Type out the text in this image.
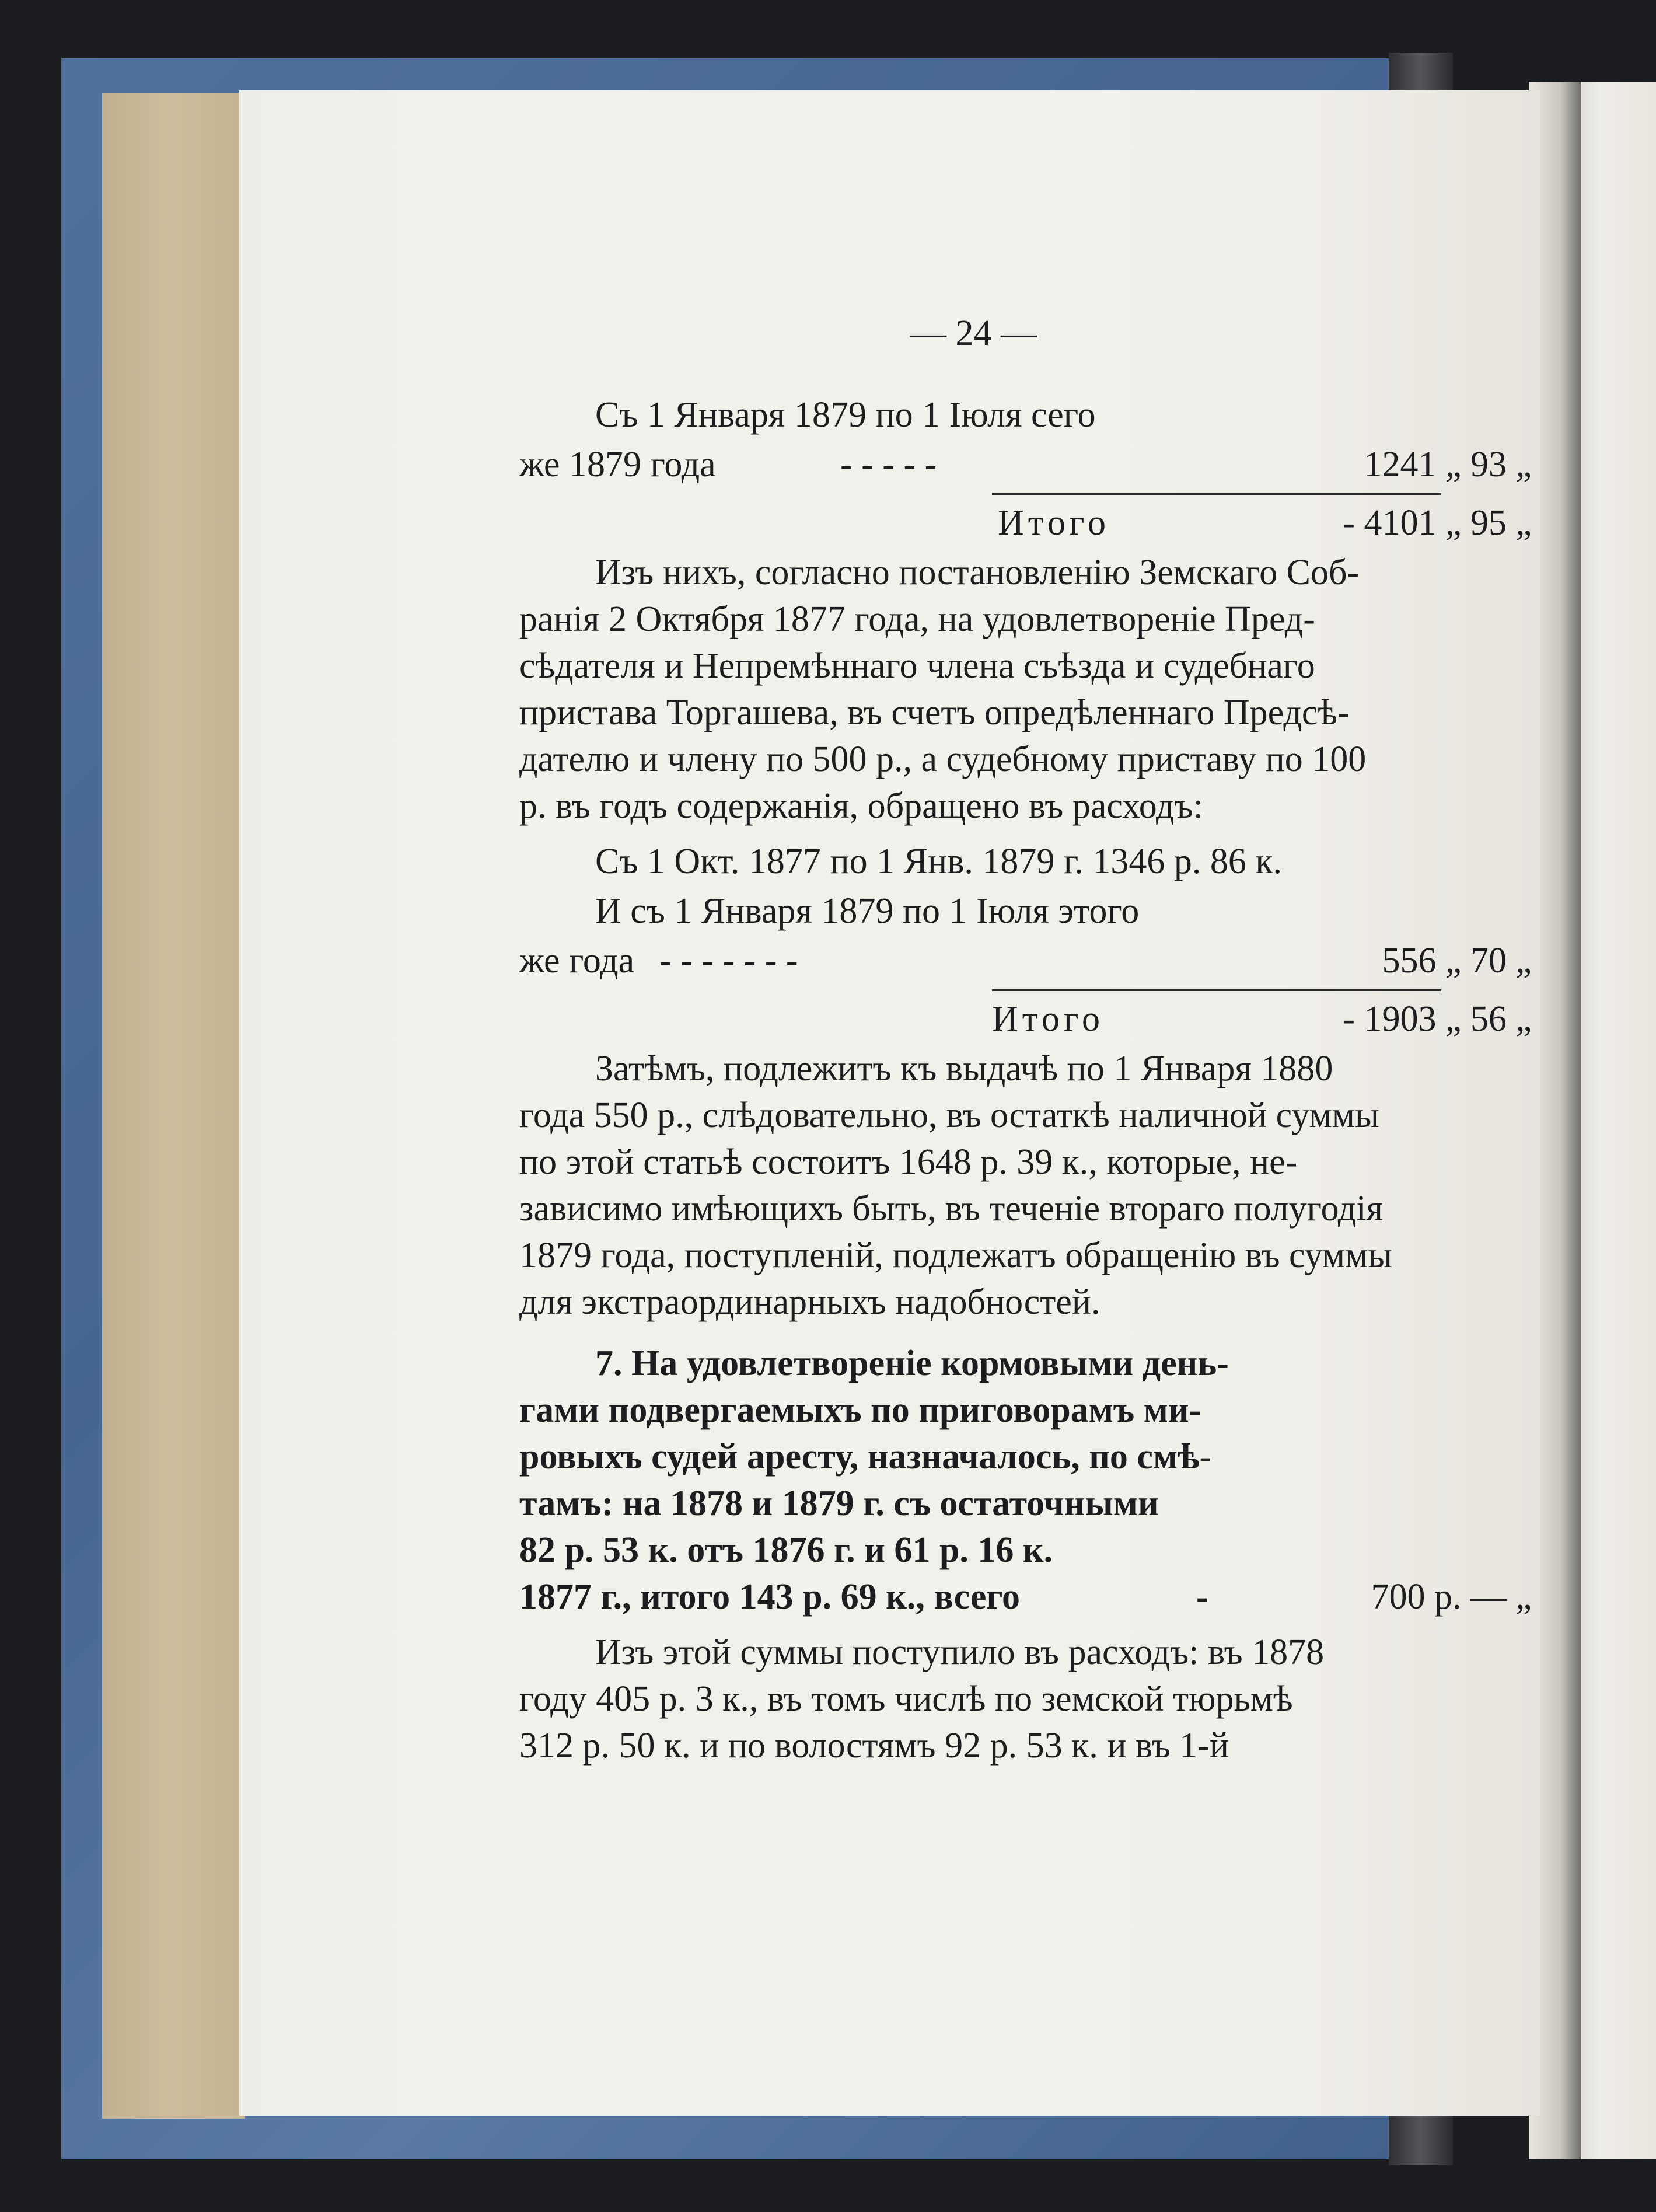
— 24 —
Съ 1 Января 1879 по 1 Іюля сего
же 1879 года	- - - - -	1241 „ 93 „
Итого	- 4101 „ 95 „
Изъ нихъ, согласно постановленію Земскаго Соб-
ранія 2 Октября 1877 года, на удовлетвореніе Пред-
сѣдателя и Непремѣннаго члена съѣзда и судебнаго
пристава Торгашева, въ счетъ опредѣленнаго Предсѣ-
дателю и члену по 500 р., а судебному приставу по 100
р. въ годъ содержанія, обращено въ расходъ:
Съ 1 Окт. 1877 по 1 Янв. 1879 г. 1346 р. 86 к.
И съ 1 Января 1879 по 1 Іюля этого
же года - - - - - - -	556 „ 70 „
Итого	- 1903 „ 56 „
Затѣмъ, подлежитъ къ выдачѣ по 1 Января 1880
года 550 р., слѣдовательно, въ остаткѣ наличной суммы
по этой статьѣ состоитъ 1648 р. 39 к., которые, не-
зависимо имѣющихъ быть, въ теченіе втораго полугодія
1879 года, поступленій, подлежатъ обращенію въ суммы
для экстраординарныхъ надобностей.
7. На удовлетвореніе кормовыми день-
гами подвергаемыхъ по приговорамъ ми-
ровыхъ судей аресту, назначалось, по смѣ-
тамъ: на 1878 и 1879 г. съ остаточными
82 р. 53 к. отъ 1876 г. и 61 р. 16 к.
1877 г., итого 143 р. 69 к., всего	-	700 р. — „
Изъ этой суммы поступило въ расходъ: въ 1878
году 405 р. 3 к., въ томъ числѣ по земской тюрьмѣ
312 р. 50 к. и по волостямъ 92 р. 53 к. и въ 1-й
